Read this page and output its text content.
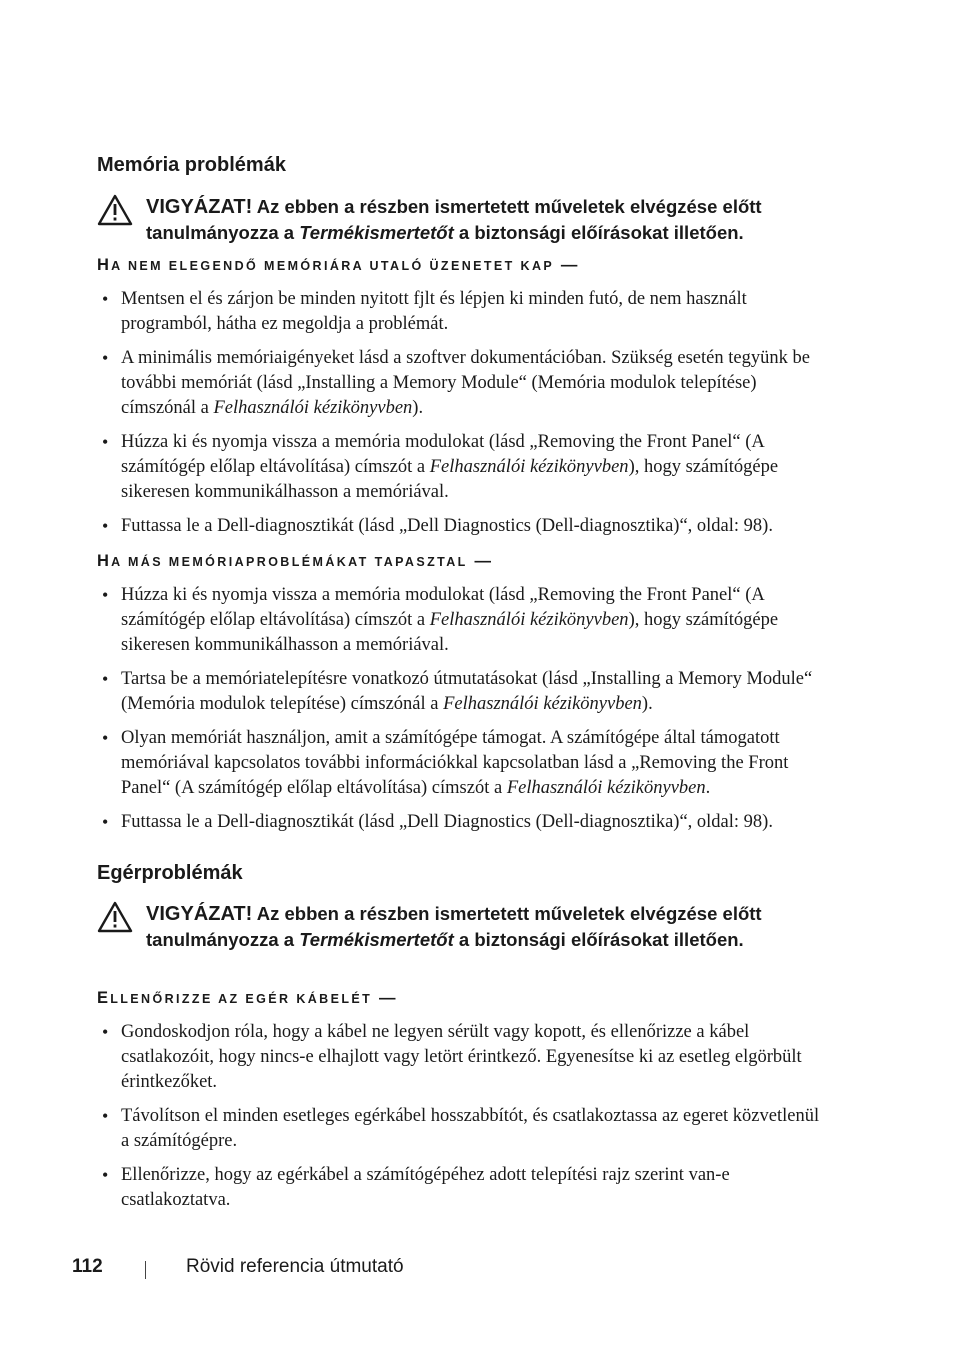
Memória problémák
VIGYÁZAT! Az ebben a részben ismertetett műveletek elvégzése előtt tanulmányozza a Termékismertetőt a biztonsági előírásokat illetően.
HA NEM ELEGENDŐ MEMÓRIÁRA UTALÓ ÜZENETET KAP —
• Mentsen el és zárjon be minden nyitott fjlt és lépjen ki minden futó, de nem használt programból, hátha ez megoldja a problémát.
• A minimális memóriaigényeket lásd a szoftver dokumentációban. Szükség esetén tegyünk be további memóriát (lásd „Installing a Memory Module“ (Memória modulok telepítése) címszónál a Felhasználói kézikönyvben).
• Húzza ki és nyomja vissza a memória modulokat (lásd „Removing the Front Panel“ (A számítógép előlap eltávolítása) címszót a Felhasználói kézikönyvben), hogy számítógépe sikeresen kommunikálhasson a memóriával.
• Futtassa le a Dell-diagnosztikát (lásd „Dell Diagnostics (Dell-diagnosztika)“, oldal: 98).
HA MÁS MEMÓRIAPROBLÉMÁKAT TAPASZTAL —
• Húzza ki és nyomja vissza a memória modulokat (lásd „Removing the Front Panel“ (A számítógép előlap eltávolítása) címszót a Felhasználói kézikönyvben), hogy számítógépe sikeresen kommunikálhasson a memóriával.
• Tartsa be a memóriatelepítésre vonatkozó útmutatásokat (lásd „Installing a Memory Module“ (Memória modulok telepítése) címszónál a Felhasználói kézikönyvben).
• Olyan memóriát használjon, amit a számítógépe támogat. A számítógépe által támogatott memóriával kapcsolatos további információkkal kapcsolatban lásd a „Removing the Front Panel“ (A számítógép előlap eltávolítása) címszót a Felhasználói kézikönyvben.
• Futtassa le a Dell-diagnosztikát (lásd „Dell Diagnostics (Dell-diagnosztika)“, oldal: 98).
Egérproblémák
VIGYÁZAT! Az ebben a részben ismertetett műveletek elvégzése előtt tanulmányozza a Termékismertetőt a biztonsági előírásokat illetően.
ELLENŐRIZZE AZ EGÉR KÁBELÉT —
• Gondoskodjon róla, hogy a kábel ne legyen sérült vagy kopott, és ellenőrizze a kábel csatlakozóit, hogy nincs-e elhajlott vagy letört érintkező. Egyenesítse ki az esetleg elgörbült érintkezőket.
• Távolítson el minden esetleges egérkábel hosszabbítót, és csatlakoztassa az egeret közvetlenül a számítógépre.
• Ellenőrizze, hogy az egérkábel a számítógépéhez adott telepítési rajz szerint van-e csatlakoztatva.
112	Rövid referencia útmutató
